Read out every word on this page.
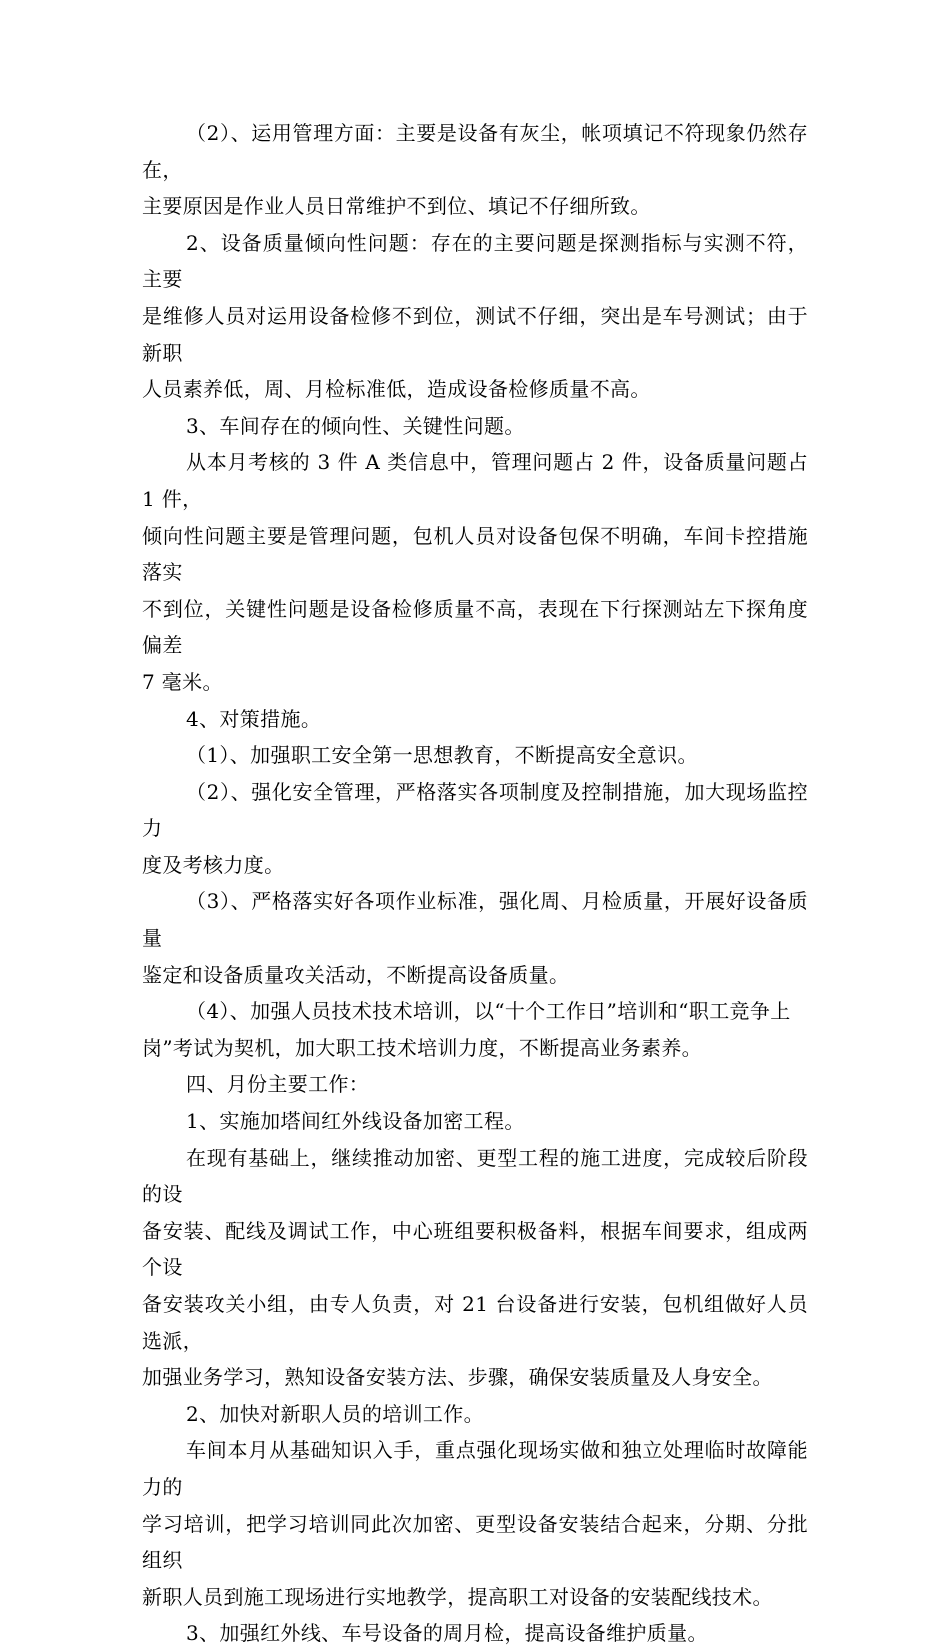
（2）、运用管理方面：主要是设备有灰尘，帐项填记不符现象仍然存在，
主要原因是作业人员日常维护不到位、填记不仔细所致。

2、设备质量倾向性问题：存在的主要问题是探测指标与实测不符，主要
是维修人员对运用设备检修不到位，测试不仔细，突出是车号测试；由于新职
人员素养低，周、月检标准低，造成设备检修质量不高。

3、车间存在的倾向性、关键性问题。

从本月考核的 3 件 A 类信息中，管理问题占 2 件，设备质量问题占 1 件，
倾向性问题主要是管理问题，包机人员对设备包保不明确，车间卡控措施落实
不到位，关键性问题是设备检修质量不高，表现在下行探测站左下探角度偏差
7 毫米。

4、对策措施。

（1）、加强职工安全第一思想教育，不断提高安全意识。

（2）、强化安全管理，严格落实各项制度及控制措施，加大现场监控力
度及考核力度。

（3）、严格落实好各项作业标准，强化周、月检质量，开展好设备质量
鉴定和设备质量攻关活动，不断提高设备质量。

（4）、加强人员技术技术培训，以“十个工作日”培训和“职工竞争上
岗”考试为契机，加大职工技术培训力度，不断提高业务素养。

四、月份主要工作：

1、实施加塔间红外线设备加密工程。

在现有基础上，继续推动加密、更型工程的施工进度，完成较后阶段的设
备安装、配线及调试工作，中心班组要积极备料，根据车间要求，组成两个设
备安装攻关小组，由专人负责，对 21 台设备进行安装，包机组做好人员选派，
加强业务学习，熟知设备安装方法、步骤，确保安装质量及人身安全。

2、加快对新职人员的培训工作。

车间本月从基础知识入手，重点强化现场实做和独立处理临时故障能力的
学习培训，把学习培训同此次加密、更型设备安装结合起来，分期、分批组织
新职人员到施工现场进行实地教学，提高职工对设备的安装配线技术。

3、加强红外线、车号设备的周月检，提高设备维护质量。
